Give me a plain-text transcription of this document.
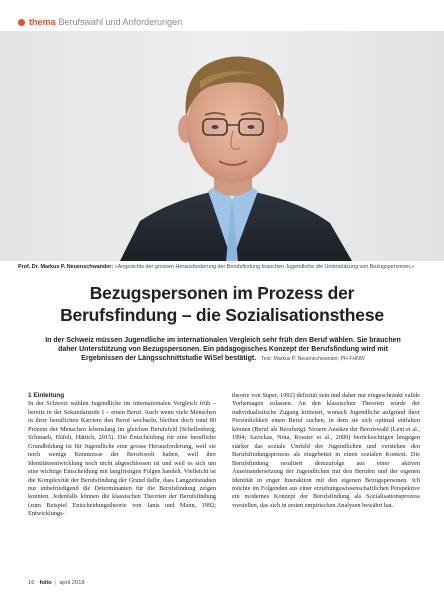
thema Berufswahl und Anforderungen
Prof. Dr. Markus P. Neuenschwander: «Angesichts der grossen Herausforderung der Berufsfindung brauchen Jugendliche die Unterstützung von Bezugspersonen.»
Bezugspersonen im Prozess der
Berufsfindung – die Sozialisationsthese
In der Schweiz müssen Jugendliche im internationalen Vergleich sehr früh den Beruf wählen. Sie brauchen daher Unterstützung von Bezugspersonen. Ein pädagogisches Konzept der Berufsfindung wird mit Ergebnissen der Längsschnittstudie WiSel bestätigt. Text: Markus P. Neuenschwander, PH FHNW
1 Einleitung
In der Schweiz wählen Jugendliche im internationalen Vergleich früh – bereits in der Sekundarstufe I – einen Beruf. Auch wenn viele Menschen in ihrer beruflichen Karriere den Beruf wechseln, bleiben doch rund 80 Prozent der Menschen lebenslang im gleichen Berufsfeld (Schellenberg, Schmaeh, Häfeli, Hättich, 2015). Die Entscheidung für eine berufliche Grundbildung ist für Jugendliche eine grosse Herausforderung, weil sie noch wenige Kenntnisse der Berufswelt haben, weil ihre Identitätsentwicklung noch nicht abgeschlossen ist und weil es sich um eine wichtige Entscheidung mit langfristigen Folgen handelt. Vielleicht ist die Komplexität der Berufsfindung der Grund dafür, dass Langzeitstudien nur unbefriedigend die Determinanten für die Berufsfindung zeigen konnten. Jedenfalls können die klassischen Theorien der Berufsfindung (zum Beispiel Entscheidungstheorie von Janis und Mann, 1992; Entwicklungs-
theorie von Super, 1992) defizitär sein und daher nur eingeschränkt valide Vorhersagen zulassen. An den klassischen Theorien wurde der individualistische Zugang kritisiert, wonach Jugendliche aufgrund ihrer Persönlichkeit einen Beruf suchen, in dem sie sich optimal entfalten können (Beruf als Berufung). Neuere Ansätze der Berufswahl (Lent et al., 1994; Savickas, Nota, Rossier et al., 2009) berücksichtigen hingegen stärker das soziale Umfeld der Jugendlichen und verstehen den Berufsfindungsprozess als eingebettet in einen sozialen Kontext. Die Berufsfindung resultiert demzufolge aus einer aktiven Auseinandersetzung der Jugendlichen mit den Berufen und der eigenen Identität in enger Interaktion mit den eigenen Bezugspersonen. Ich möchte im Folgenden aus einer erziehungswissenschaftlichen Perspektive ein modernes Konzept der Berufsfindung als Sozialisationsprozess vorstellen, das sich in ersten empirischen Analysen bewährt hat.
16 folio | april 2018
